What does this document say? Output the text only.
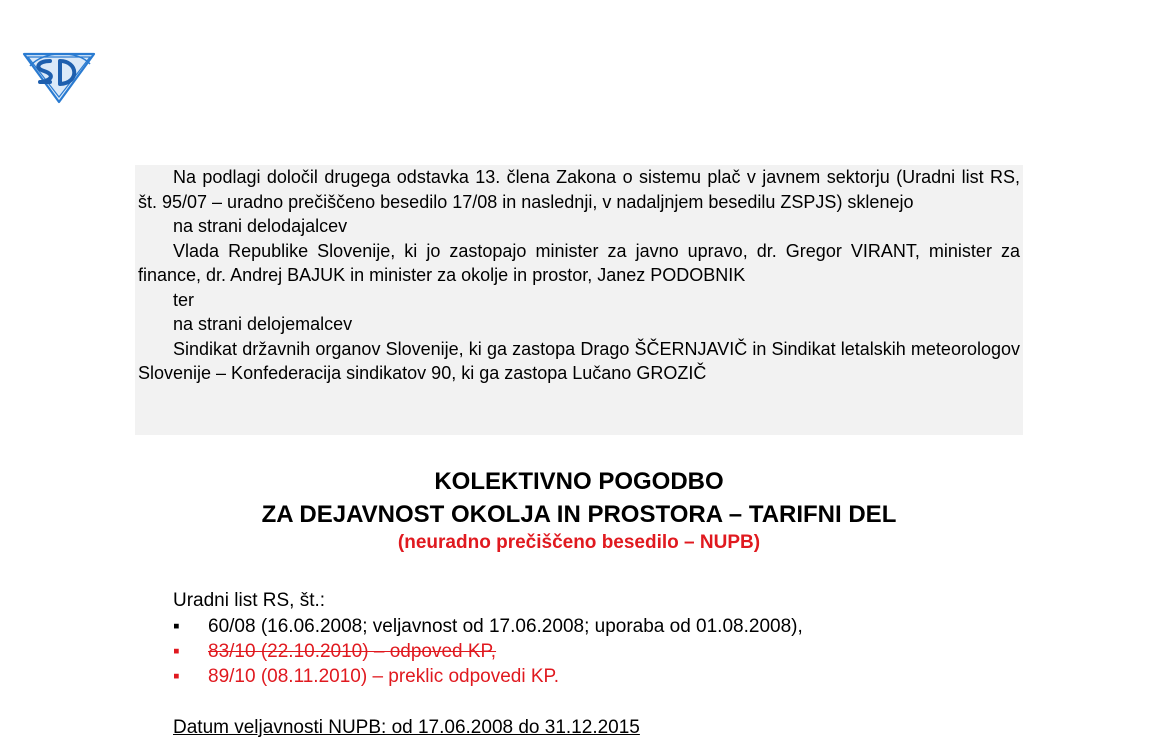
Na podlagi določil drugega odstavka 13. člena Zakona o sistemu plač v javnem sektorju (Uradni list RS, št. 95/07 – uradno prečiščeno besedilo 17/08 in naslednji, v nadaljnjem besedilu ZSPJS) sklenejo

na strani delodajalcev

Vlada Republike Slovenije, ki jo zastopajo minister za javno upravo, dr. Gregor VIRANT, minister za finance, dr. Andrej BAJUK in minister za okolje in prostor, Janez PODOBNIK

ter

na strani delojemalcev

Sindikat državnih organov Slovenije, ki ga zastopa Drago ŠČERNJAVIČ in Sindikat letalskih meteorologov Slovenije – Konfederacija sindikatov 90, ki ga zastopa Lučano GROZIČ

KOLEKTIVNO POGODBO
ZA DEJAVNOST OKOLJA IN PROSTORA – TARIFNI DEL
(neuradno prečiščeno besedilo – NUPB)
Uradni list RS, št.:
▪	60/08 (16.06.2008; veljavnost od 17.06.2008; uporaba od 01.08.2008),
▪	83/10 (22.10.2010) – odpoved KP,
▪	89/10 (08.11.2010) – preklic odpovedi KP.
Datum veljavnosti NUPB: od 17.06.2008 do 31.12.2015
